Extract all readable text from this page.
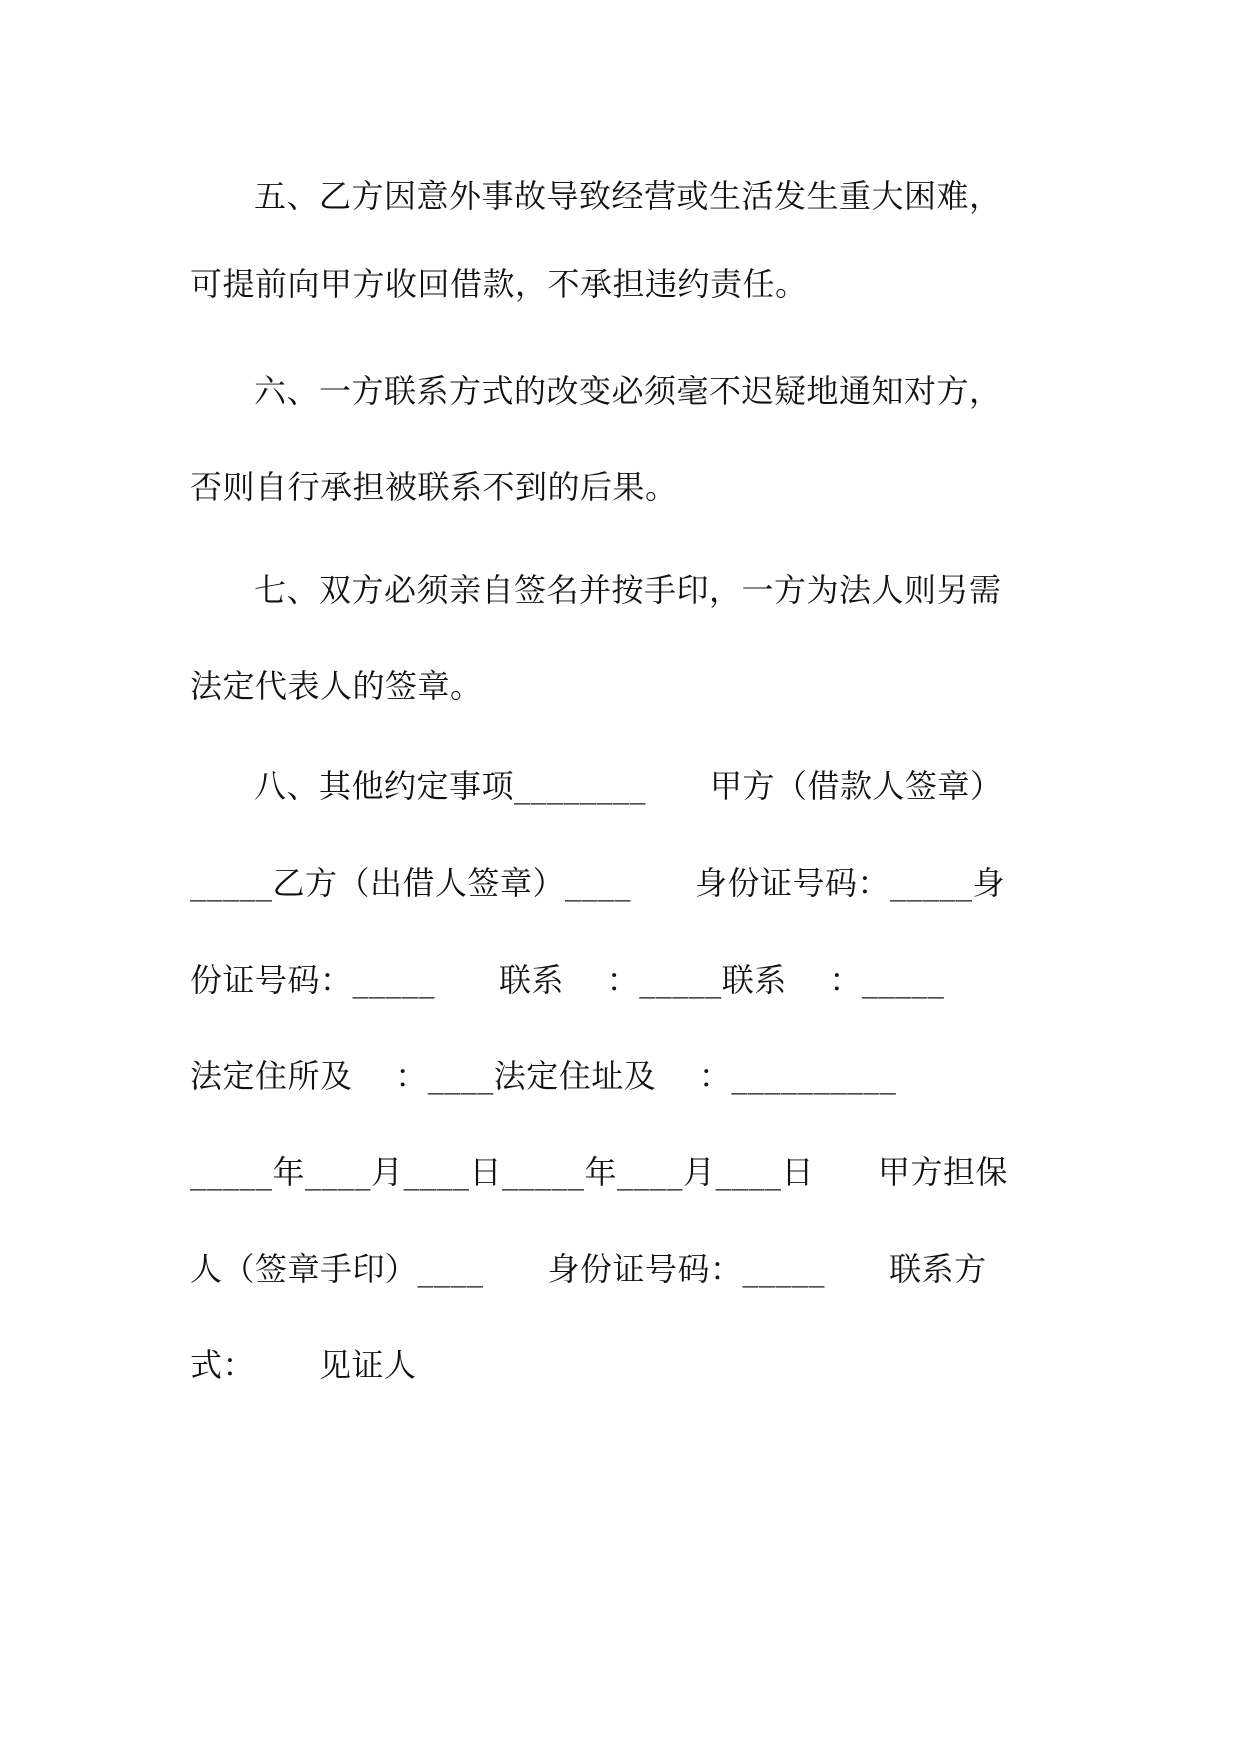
五、乙方因意外事故导致经营或生活发生重大困难，
可提前向甲方收回借款，不承担违约责任。
六、一方联系方式的改变必须毫不迟疑地通知对方，
否则自行承担被联系不到的后果。
七、双方必须亲自签名并按手印，一方为法人则另需
法定代表人的签章。
八、其他约定事项________      甲方（借款人签章）
_____乙方（出借人签章）____      身份证号码：_____身
份证号码：_____      联系    ：_____联系    ：_____
法定住所及    ：____法定住址及    ：__________
_____年____月____日_____年____月____日      甲方担保
人（签章手印）____      身份证号码：_____      联系方
式：      见证人
